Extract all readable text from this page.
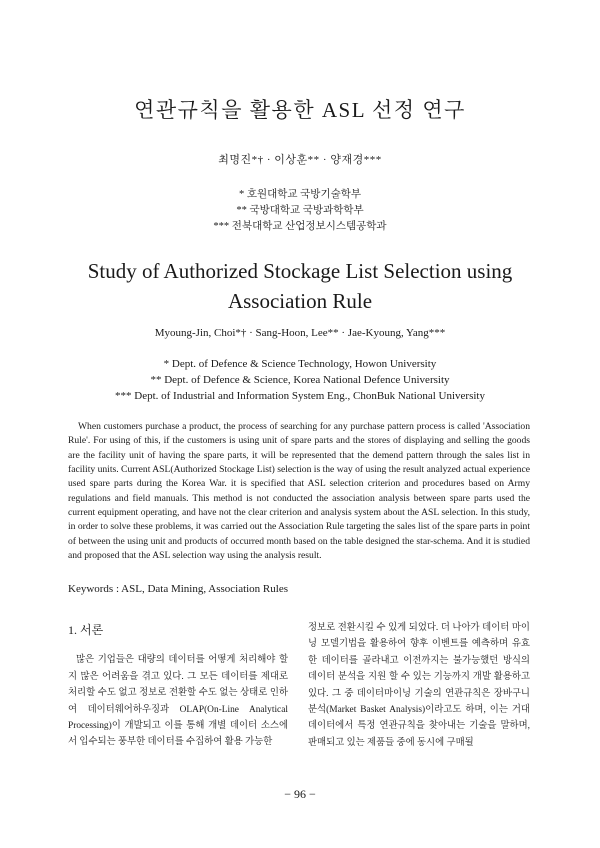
연관규칙을 활용한 ASL 선정 연구
최명진*† · 이상훈** · 양재경***
* 호원대학교 국방기술학부
** 국방대학교 국방과학학부
*** 전북대학교 산업정보시스템공학과
Study of Authorized Stockage List Selection using Association Rule
Myoung-Jin, Choi*† · Sang-Hoon, Lee** · Jae-Kyoung, Yang***
* Dept. of Defence & Science Technology, Howon University
** Dept. of Defence & Science, Korea National Defence University
*** Dept. of Industrial and Information System Eng., ChonBuk National University
When customers purchase a product, the process of searching for any purchase pattern process is called 'Association Rule'. For using of this, if the customers is using unit of spare parts and the stores of displaying and selling the goods are the facility unit of having the spare parts, it will be represented that the demend pattern through the sales list in facility units. Current ASL(Authorized Stockage List) selection is the way of using the result analyzed actual experience used spare parts during the Korea War. it is specified that ASL selection criterion and procedures based on Army regulations and field manuals. This method is not conducted the association analysis between spare parts used the current equipment operating, and have not the clear criterion and analysis system about the ASL selection. In this study, in order to solve these problems, it was carried out the Association Rule targeting the sales list of the spare parts in point of between the using unit and products of occurred month based on the table designed the star-schema. And it is studied and proposed that the ASL selection way using the analysis result.
Keywords : ASL, Data Mining, Association Rules
1. 서론

많은 기업들은 대량의 데이터를 어떻게 처리해야 할지 많은 어려움을 겪고 있다. 그 모든 데이터를 제대로 처리할 수도 없고 정보로 전환할 수도 없는 상태로 인하여 데이터웨어하우징과 OLAP(On-Line Analytical Processing)이 개발되고 이를 통해 개별 데이터 소스에서 입수되는 풍부한 데이터를 수집하여 활용 가능한

정보로 전환시킬 수 있게 되었다. 더 나아가 데이터 마이닝 모델기법을 활용하여 향후 이벤트를 예측하며 유효한 데이터를 골라내고 이전까지는 불가능했던 방식의 데이터 분석을 지원 할 수 있는 기능까지 개발 활용하고 있다. 그 중 데이터마이닝 기술의 연관규칙은 장바구니 분석(Market Basket Analysis)이라고도 하며, 이는 거대 데이터에서 특정 연관규칙을 찾아내는 기술을 말하며, 판매되고 있는 제품들 중에 동시에 구매될

− 96 −
